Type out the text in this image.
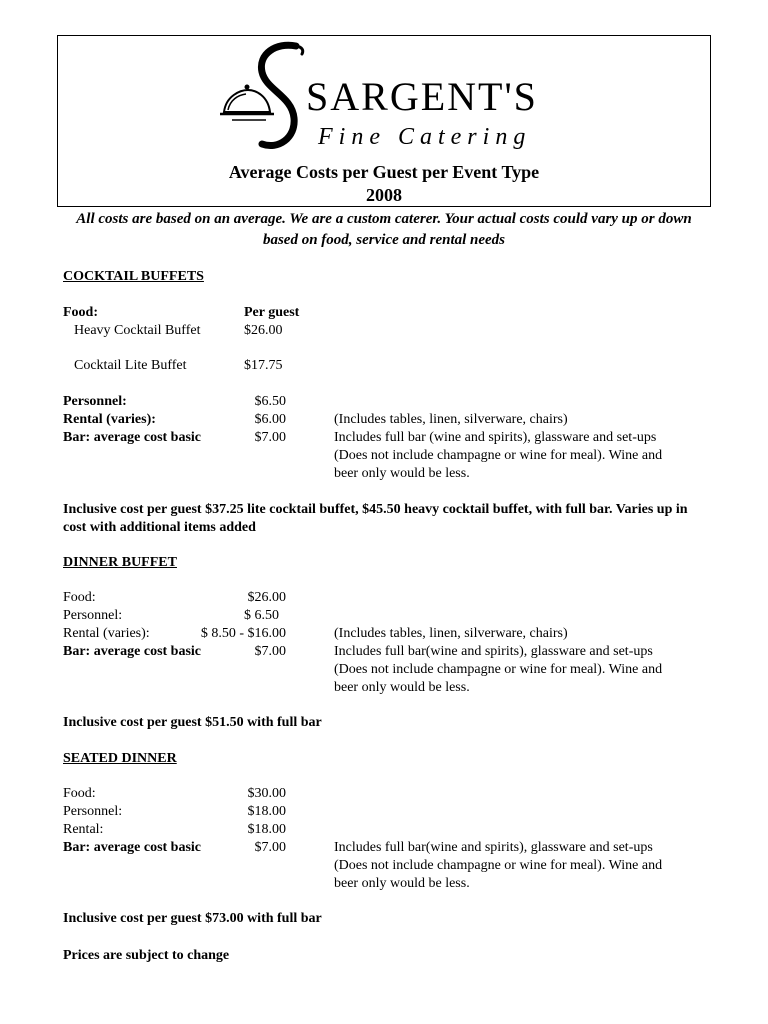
SARGENT'S
Fine Catering
Average Costs per Guest per Event Type
2008
All costs are based on an average. We are a custom caterer. Your actual costs could vary up or down based on food, service and rental needs
COCKTAIL BUFFETS
Food:	Per guest
Heavy Cocktail Buffet	$26.00
Cocktail Lite Buffet	$17.75
Personnel:	$6.50
Rental (varies):	$6.00	(Includes tables, linen, silverware, chairs)
Bar: average cost basic	$7.00	Includes full bar (wine and spirits), glassware and set-ups
(Does not include champagne or wine for meal). Wine and
beer only would be less.
Inclusive cost per guest $37.25 lite cocktail buffet, $45.50 heavy cocktail buffet, with full bar. Varies up in cost with additional items added
DINNER BUFFET
Food:	$26.00
Personnel:	$ 6.50
Rental (varies):	$ 8.50 - $16.00	(Includes tables, linen, silverware, chairs)
Bar: average cost basic	$7.00	Includes full bar(wine and spirits), glassware and set-ups
(Does not include champagne or wine for meal). Wine and
beer only would be less.
Inclusive cost per guest $51.50 with full bar
SEATED DINNER
Food:	$30.00
Personnel:	$18.00
Rental:	$18.00
Bar: average cost basic	$7.00	Includes full bar(wine and spirits), glassware and set-ups
(Does not include champagne or wine for meal). Wine and
beer only would be less.
Inclusive cost per guest $73.00 with full bar
Prices are subject to change
